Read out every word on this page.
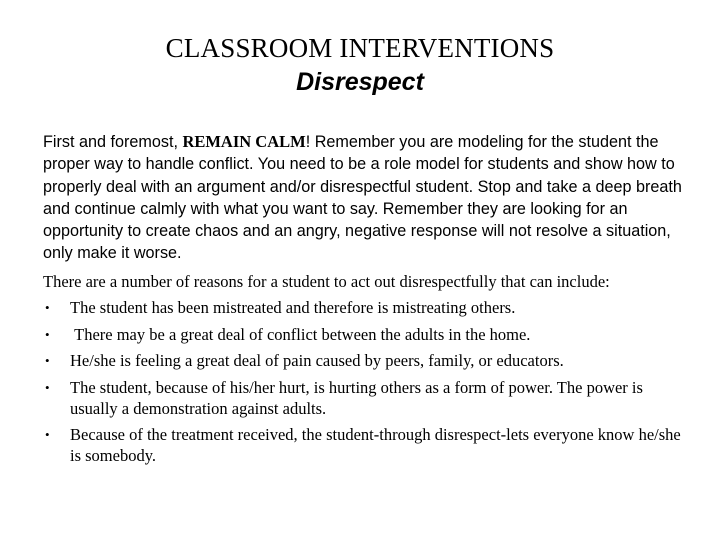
CLASSROOM INTERVENTIONS
Disrespect

First and foremost, REMAIN CALM! Remember you are modeling for the student the proper way to handle conflict. You need to be a role model for students and show how to properly deal with an argument and/or disrespectful student. Stop and take a deep breath and continue calmly with what you want to say. Remember they are looking for an opportunity to create chaos and an angry, negative response will not resolve a situation, only make it worse.

There are a number of reasons for a student to act out disrespectfully that can include:

• The student has been mistreated and therefore is mistreating others.
• There may be a great deal of conflict between the adults in the home.
• He/she is feeling a great deal of pain caused by peers, family, or educators.
• The student, because of his/her hurt, is hurting others as a form of power. The power is usually a demonstration against adults.
• Because of the treatment received, the student-through disrespect-lets everyone know he/she is somebody.
